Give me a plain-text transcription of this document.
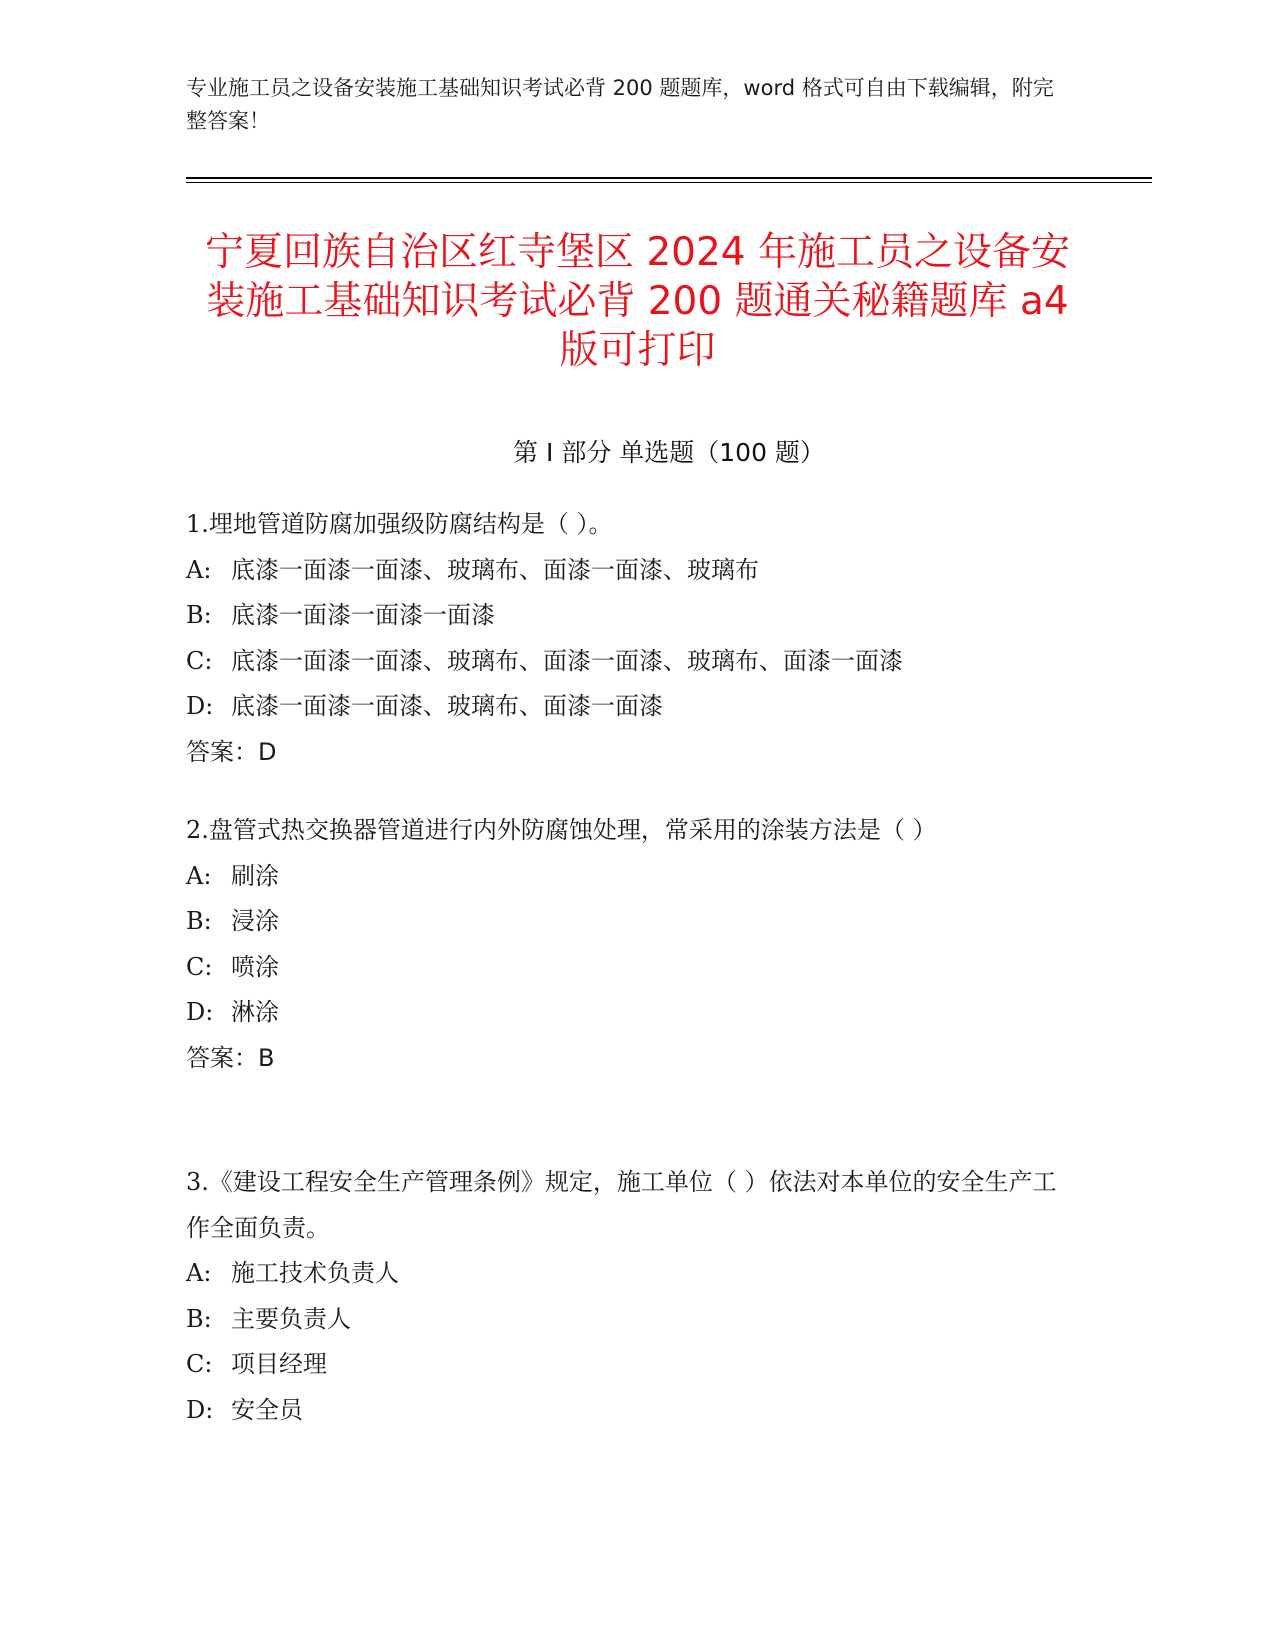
专业施工员之设备安装施工基础知识考试必背 200 题题库，word 格式可自由下载编辑，附完整答案！
宁夏回族自治区红寺堡区 2024 年施工员之设备安装施工基础知识考试必背 200 题通关秘籍题库 a4 版可打印
第 I 部分 单选题（100 题）
1.埋地管道防腐加强级防腐结构是（ ）。
A: 底漆一面漆一面漆、玻璃布、面漆一面漆、玻璃布
B: 底漆一面漆一面漆一面漆
C: 底漆一面漆一面漆、玻璃布、面漆一面漆、玻璃布、面漆一面漆
D: 底漆一面漆一面漆、玻璃布、面漆一面漆
答案：D
2.盘管式热交换器管道进行内外防腐蚀处理，常采用的涂装方法是（ ）
A: 刷涂
B: 浸涂
C: 喷涂
D: 淋涂
答案：B
3.《建设工程安全生产管理条例》规定，施工单位（ ）依法对本单位的安全生产工作全面负责。
A: 施工技术负责人
B: 主要负责人
C: 项目经理
D: 安全员
